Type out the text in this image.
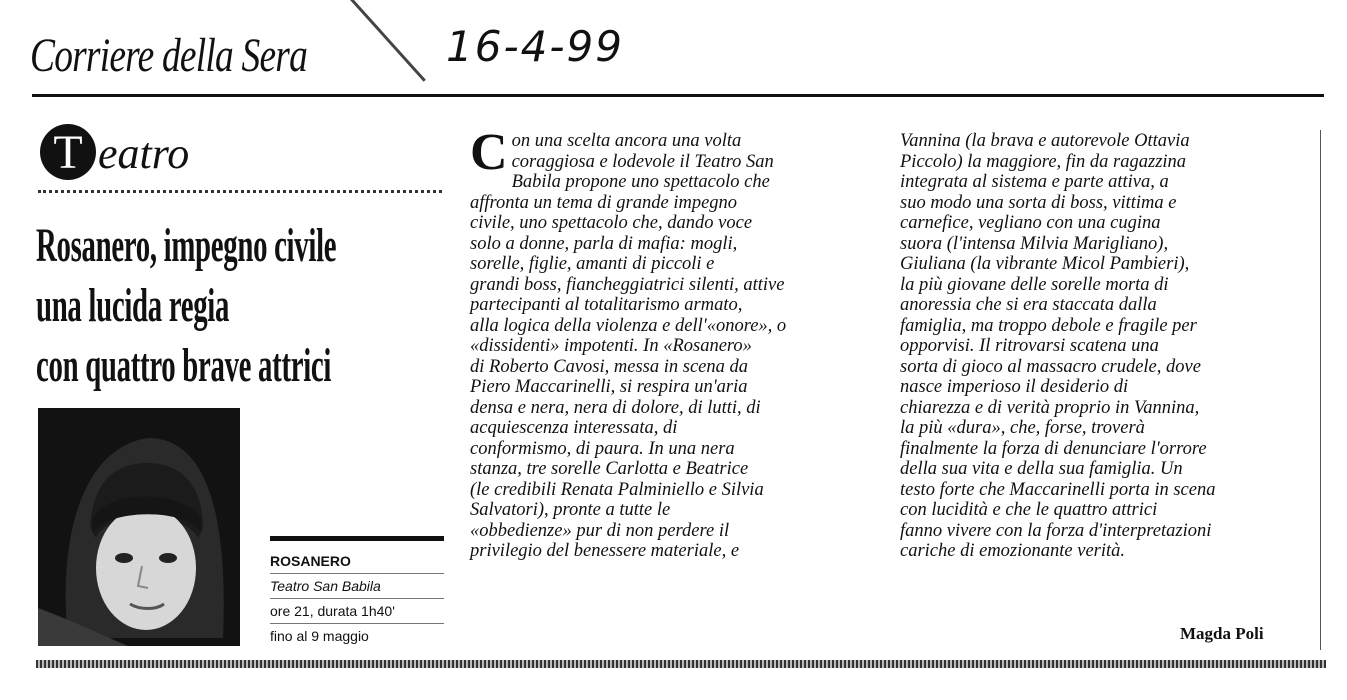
Corriere della Sera	16-4-99
T eatro
Rosanero, impegno civile
una lucida regia
con quattro brave attrici
ROSANERO
Teatro San Babila
ore 21, durata 1h40'
fino al 9 maggio
C on una scelta ancora una volta
coraggiosa e lodevole il Teatro San
Babila propone uno spettacolo che
affronta un tema di grande impegno
civile, uno spettacolo che, dando voce
solo a donne, parla di mafia: mogli,
sorelle, figlie, amanti di piccoli e
grandi boss, fiancheggiatrici silenti, attive
partecipanti al totalitarismo armato,
alla logica della violenza e dell'«onore», o
«dissidenti» impotenti. In «Rosanero»
di Roberto Cavosi, messa in scena da
Piero Maccarinelli, si respira un'aria
densa e nera, nera di dolore, di lutti, di
acquiescenza interessata, di
conformismo, di paura. In una nera
stanza, tre sorelle Carlotta e Beatrice
(le credibili Renata Palminiello e Silvia
Salvatori), pronte a tutte le
«obbedienze» pur di non perdere il
privilegio del benessere materiale, e
Vannina (la brava e autorevole Ottavia
Piccolo) la maggiore, fin da ragazzina
integrata al sistema e parte attiva, a
suo modo una sorta di boss, vittima e
carnefice, vegliano con una cugina
suora (l'intensa Milvia Marigliano),
Giuliana (la vibrante Micol Pambieri),
la più giovane delle sorelle morta di
anoressia che si era staccata dalla
famiglia, ma troppo debole e fragile per
opporvisi. Il ritrovarsi scatena una
sorta di gioco al massacro crudele, dove
nasce imperioso il desiderio di
chiarezza e di verità proprio in Vannina,
la più «dura», che, forse, troverà
finalmente la forza di denunciare l'orrore
della sua vita e della sua famiglia. Un
testo forte che Maccarinelli porta in scena
con lucidità e che le quattro attrici
fanno vivere con la forza d'interpretazioni
cariche di emozionante verità.
Magda Poli
